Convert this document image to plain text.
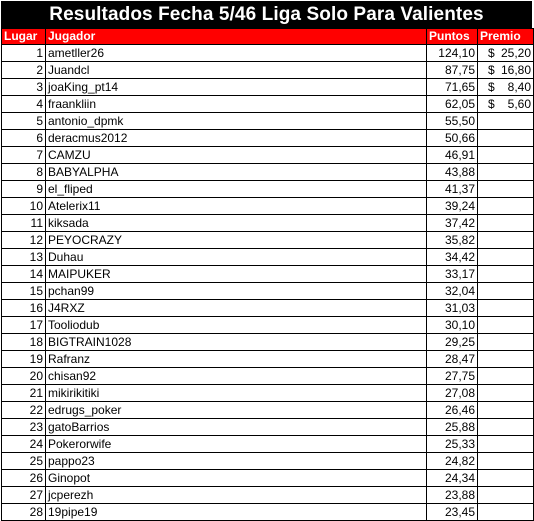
Resultados Fecha 5/46 Liga Solo Para Valientes
Lugar	Jugador	Puntos	Premio
1	ametller26	124,10	$ 25,20
2	Juandcl	87,75	$ 16,80
3	joaKing_pt14	71,65	$ 8,40
4	fraankliin	62,05	$ 5,60
5	antonio_dpmk	55,50	

6	deracmus2012	50,66	

7	CAMZU	46,91	

8	BABYALPHA	43,88	

9	el_fliped	41,37	

10	Atelerix11	39,24	

11	kiksada	37,42	

12	PEYOCRAZY	35,82	

13	Duhau	34,42	

14	MAIPUKER	33,17	

15	pchan99	32,04	

16	J4RXZ	31,03	

17	Tooliodub	30,10	

18	BIGTRAIN1028	29,25	

19	Rafranz	28,47	

20	chisan92	27,75	

21	mikirikitiki	27,08	

22	edrugs_poker	26,46	

23	gatoBarrios	25,88	

24	Pokerorwife	25,33	

25	pappo23	24,82	

26	Ginopot	24,34	

27	jcperezh	23,88	

28	19pipe19	23,45	
